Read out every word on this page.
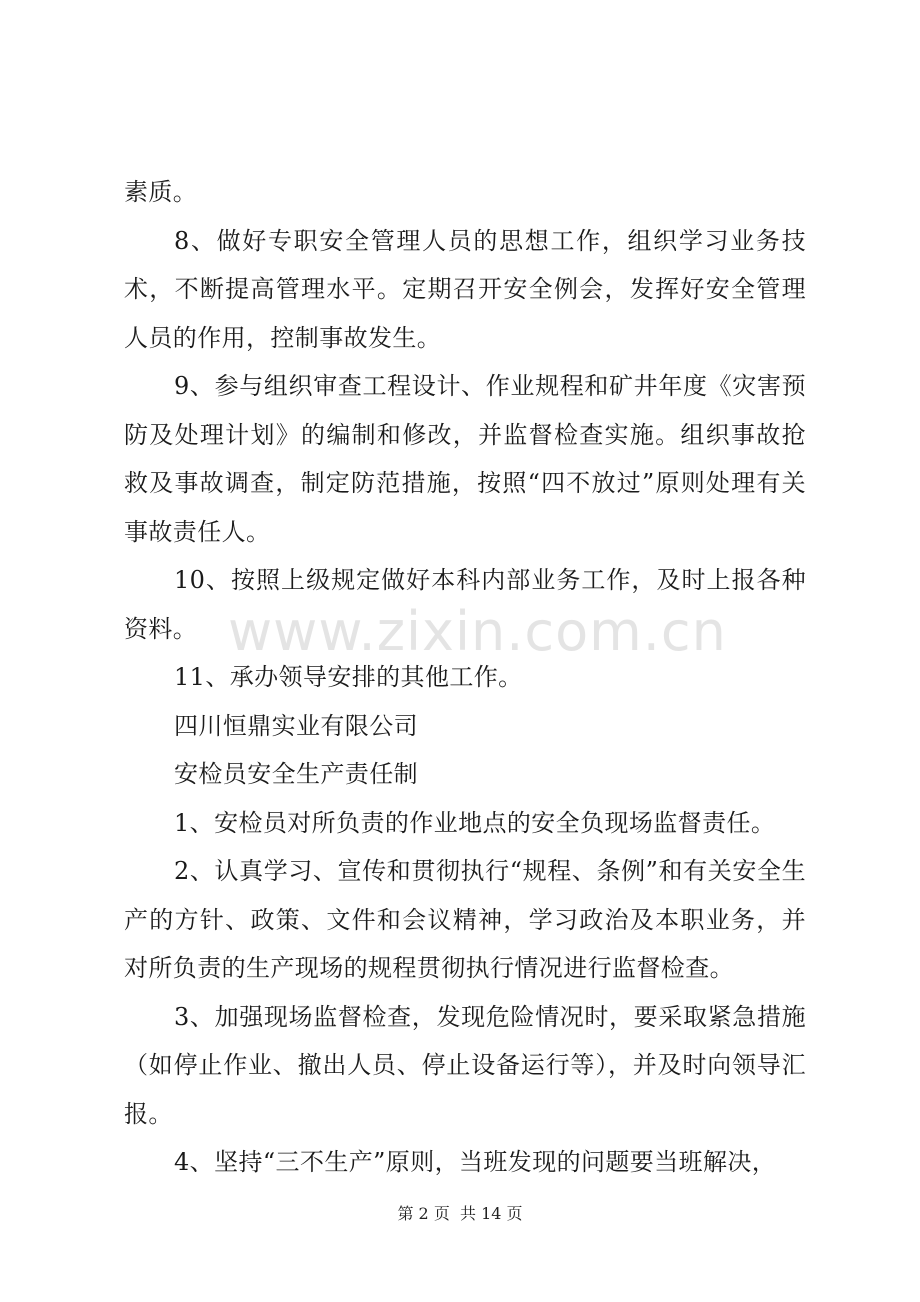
www.zixin.com.cn

素质。

8、做好专职安全管理人员的思想工作，组织学习业务技术，不断提高管理水平。定期召开安全例会，发挥好安全管理人员的作用，控制事故发生。

9、参与组织审查工程设计、作业规程和矿井年度《灾害预防及处理计划》的编制和修改，并监督检查实施。组织事故抢救及事故调查，制定防范措施，按照“四不放过”原则处理有关事故责任人。

10、按照上级规定做好本科内部业务工作，及时上报各种资料。

11、承办领导安排的其他工作。

四川恒鼎实业有限公司

安检员安全生产责任制

1、安检员对所负责的作业地点的安全负现场监督责任。

2、认真学习、宣传和贯彻执行“规程、条例”和有关安全生产的方针、政策、文件和会议精神，学习政治及本职业务，并对所负责的生产现场的规程贯彻执行情况进行监督检查。

3、加强现场监督检查，发现危险情况时，要采取紧急措施（如停止作业、撤出人员、停止设备运行等），并及时向领导汇报。

4、坚持“三不生产”原则，当班发现的问题要当班解决，

第 2 页  共 14 页
